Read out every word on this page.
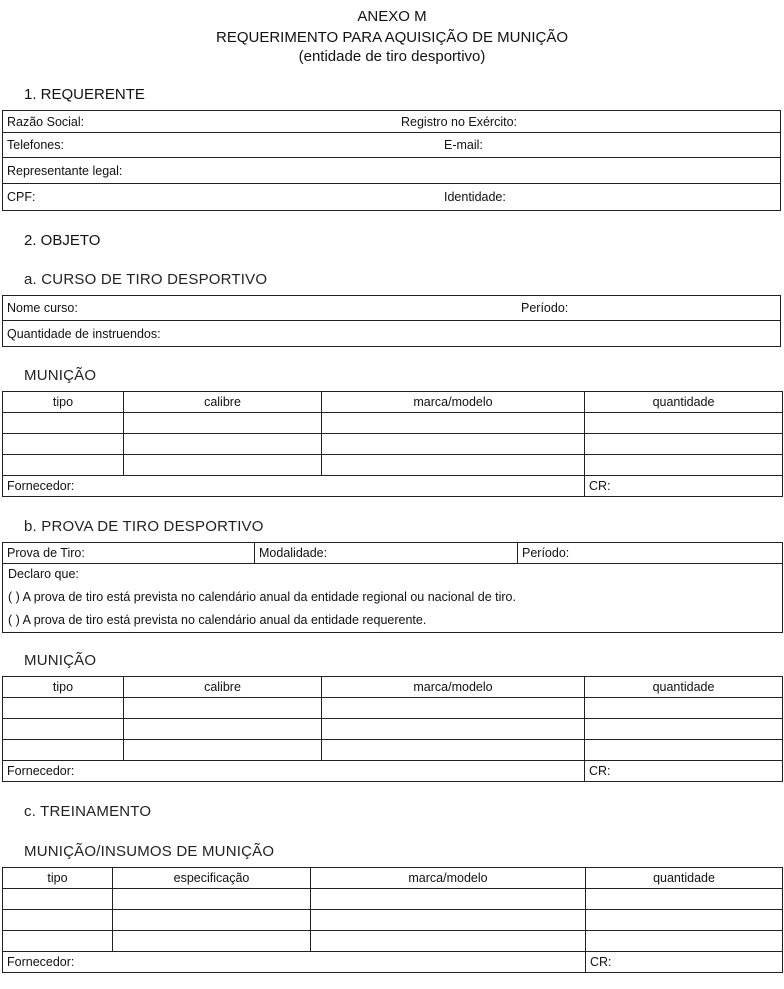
ANEXO M
REQUERIMENTO PARA AQUISIÇÃO DE MUNIÇÃO
(entidade de tiro desportivo)
1. REQUERENTE
Razão Social:	Registro no Exército:
Telefones:	E-mail:
Representante legal:
CPF:	Identidade:
2. OBJETO
a. CURSO DE TIRO DESPORTIVO
Nome curso:	Período:
Quantidade de instruendos:
MUNIÇÃO
tipo	calibre	marca/modelo	quantidade

Fornecedor:			CR:
b. PROVA DE TIRO DESPORTIVO
Prova de Tiro:	Modalidade:	Período:

Declaro que:
( ) A prova de tiro está prevista no calendário anual da entidade regional ou nacional de tiro.
( ) A prova de tiro está prevista no calendário anual da entidade requerente.
MUNIÇÃO
tipo	calibre	marca/modelo	quantidade

Fornecedor:			CR:
c. TREINAMENTO
MUNIÇÃO/INSUMOS DE MUNIÇÃO
tipo	especificação	marca/modelo	quantidade

Fornecedor:			CR:
